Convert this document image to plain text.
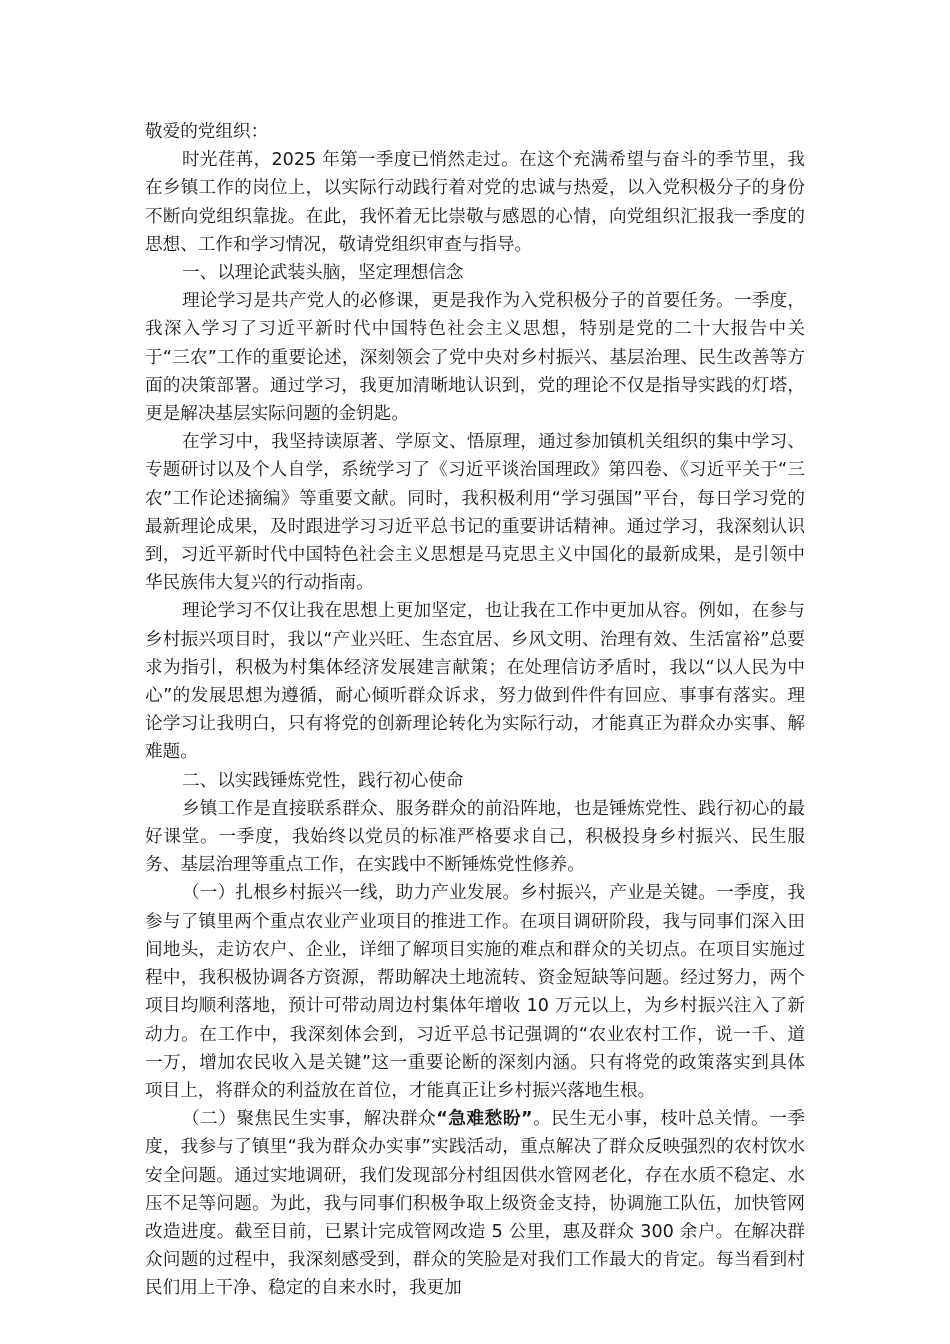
敬爱的党组织：

时光荏苒，2025 年第一季度已悄然走过。在这个充满希望与奋斗的季节里，我在乡镇工作的岗位上，以实际行动践行着对党的忠诚与热爱，以入党积极分子的身份不断向党组织靠拢。在此，我怀着无比崇敬与感恩的心情，向党组织汇报我一季度的思想、工作和学习情况，敬请党组织审查与指导。

一、以理论武装头脑，坚定理想信念

理论学习是共产党人的必修课，更是我作为入党积极分子的首要任务。一季度，我深入学习了习近平新时代中国特色社会主义思想，特别是党的二十大报告中关于“三农”工作的重要论述，深刻领会了党中央对乡村振兴、基层治理、民生改善等方面的决策部署。通过学习，我更加清晰地认识到，党的理论不仅是指导实践的灯塔，更是解决基层实际问题的金钥匙。

在学习中，我坚持读原著、学原文、悟原理，通过参加镇机关组织的集中学习、专题研讨以及个人自学，系统学习了《习近平谈治国理政》第四卷、《习近平关于“三农”工作论述摘编》等重要文献。同时，我积极利用“学习强国”平台，每日学习党的最新理论成果，及时跟进学习习近平总书记的重要讲话精神。通过学习，我深刻认识到，习近平新时代中国特色社会主义思想是马克思主义中国化的最新成果，是引领中华民族伟大复兴的行动指南。

理论学习不仅让我在思想上更加坚定，也让我在工作中更加从容。例如，在参与乡村振兴项目时，我以“产业兴旺、生态宜居、乡风文明、治理有效、生活富裕”总要求为指引，积极为村集体经济发展建言献策；在处理信访矛盾时，我以“以人民为中心”的发展思想为遵循，耐心倾听群众诉求，努力做到件件有回应、事事有落实。理论学习让我明白，只有将党的创新理论转化为实际行动，才能真正为群众办实事、解难题。

二、以实践锤炼党性，践行初心使命

乡镇工作是直接联系群众、服务群众的前沿阵地，也是锤炼党性、践行初心的最好课堂。一季度，我始终以党员的标准严格要求自己，积极投身乡村振兴、民生服务、基层治理等重点工作，在实践中不断锤炼党性修养。

（一）扎根乡村振兴一线，助力产业发展。乡村振兴，产业是关键。一季度，我参与了镇里两个重点农业产业项目的推进工作。在项目调研阶段，我与同事们深入田间地头，走访农户、企业，详细了解项目实施的难点和群众的关切点。在项目实施过程中，我积极协调各方资源，帮助解决土地流转、资金短缺等问题。经过努力，两个项目均顺利落地，预计可带动周边村集体年增收 10 万元以上，为乡村振兴注入了新动力。在工作中，我深刻体会到，习近平总书记强调的“农业农村工作，说一千、道一万，增加农民收入是关键”这一重要论断的深刻内涵。只有将党的政策落实到具体项目上，将群众的利益放在首位，才能真正让乡村振兴落地生根。

（二）聚焦民生实事，解决群众“急难愁盼”。民生无小事，枝叶总关情。一季度，我参与了镇里“我为群众办实事”实践活动，重点解决了群众反映强烈的农村饮水安全问题。通过实地调研，我们发现部分村组因供水管网老化，存在水质不稳定、水压不足等问题。为此，我与同事们积极争取上级资金支持，协调施工队伍，加快管网改造进度。截至目前，已累计完成管网改造 5 公里，惠及群众 300 余户。在解决群众问题的过程中，我深刻感受到，群众的笑脸是对我们工作最大的肯定。每当看到村民们用上干净、稳定的自来水时，我更加
